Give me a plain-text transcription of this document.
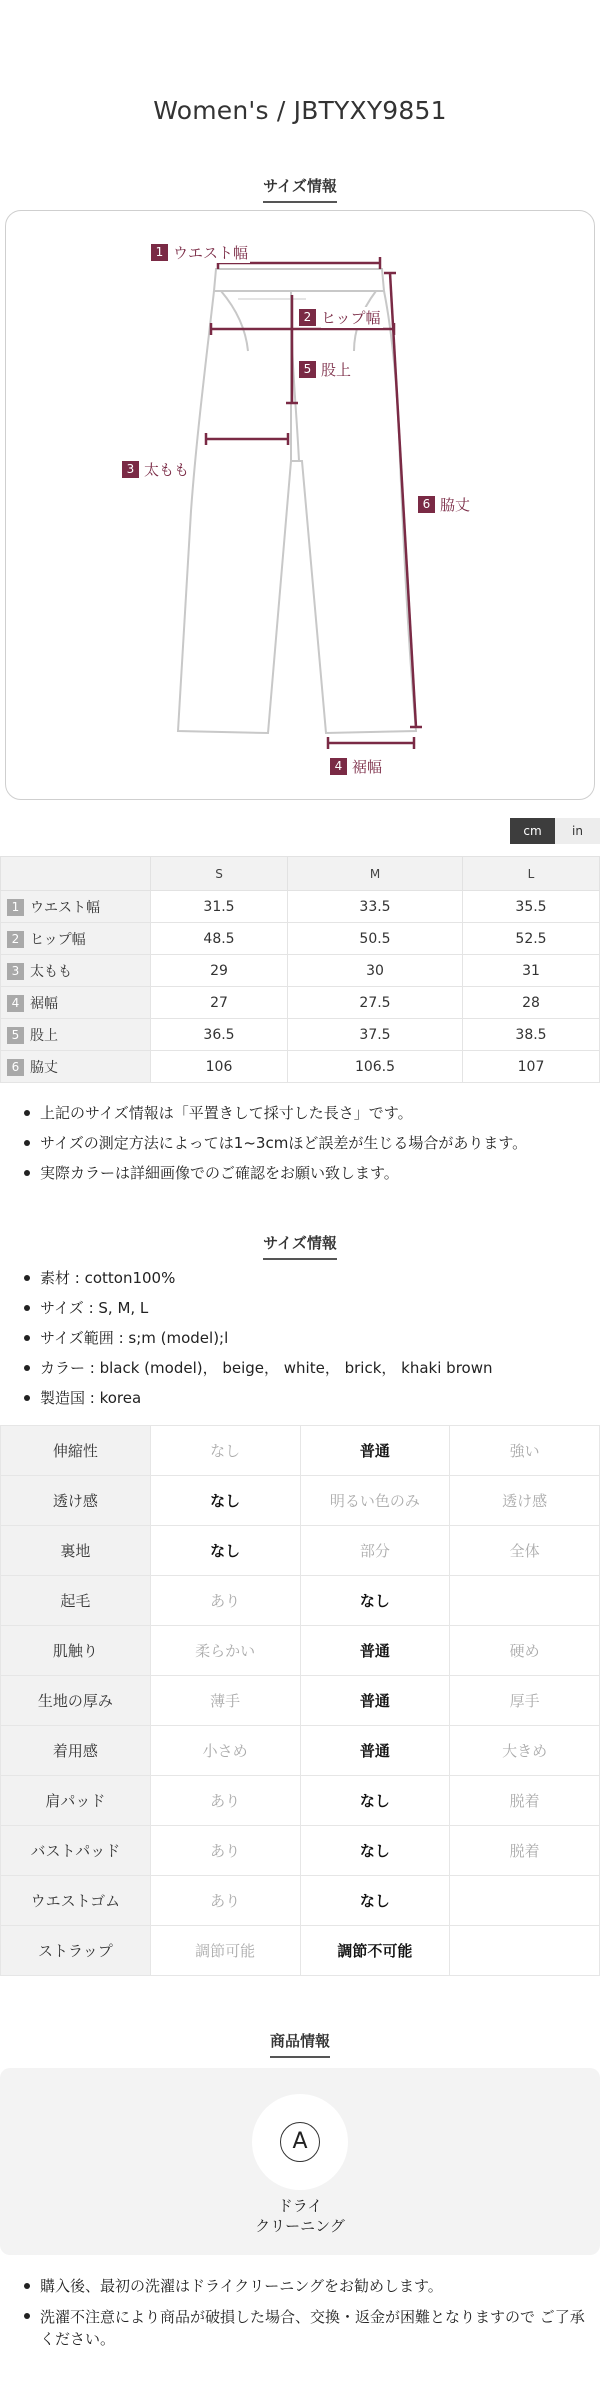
Women's / JBTYXY9851
サイズ情報
1 ウエスト幅
2 ヒップ幅
5 股上
3 太もも
6 脇丈
4 裾幅
cm	in
	S	M	L
1 ウエスト幅	31.5	33.5	35.5
2 ヒップ幅	48.5	50.5	52.5
3 太もも	29	30	31
4 裾幅	27	27.5	28
5 股上	36.5	37.5	38.5
6 脇丈	106	106.5	107
上記のサイズ情報は「平置きして採寸した長さ」です。
サイズの測定方法によっては1~3cmほど誤差が生じる場合があります。
実際カラーは詳細画像でのご確認をお願い致します。
サイズ情報
素材 : cotton100%
サイズ : S, M, L
サイズ範囲 : s;m (model);l
カラー : black (model)， beige， white， brick， khaki brown
製造国 : korea
伸縮性	なし	普通	強い
透け感	なし	明るい色のみ	透け感
裏地	なし	部分	全体
起毛	あり	なし	
肌触り	柔らかい	普通	硬め
生地の厚み	薄手	普通	厚手
着用感	小さめ	普通	大きめ
肩パッド	あり	なし	脱着
バストパッド	あり	なし	脱着
ウエストゴム	あり	なし	
ストラップ	調節可能	調節不可能	
商品情報
A
ドライ
クリーニング
購入後、最初の洗濯はドライクリーニングをお勧めします。
洗濯不注意により商品が破損した場合、交換・返金が困難となりますので ご了承ください。
